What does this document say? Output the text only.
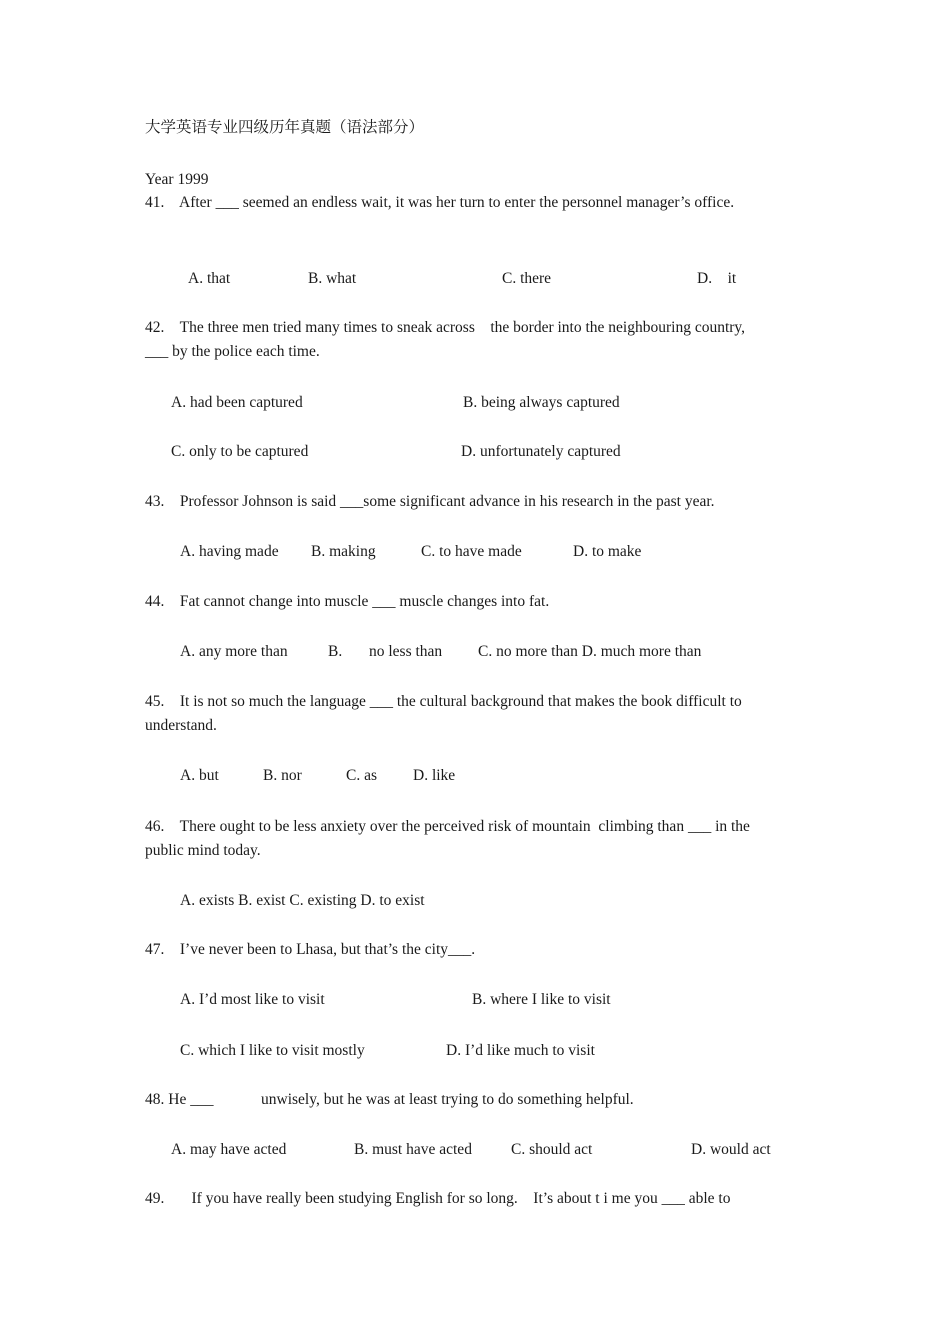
大学英语专业四级历年真题（语法部分）
Year 1999
41.    After ___ seemed an endless wait, it was her turn to enter the personnel manager’s office.
A. that	B. what	C. there	D.    it
42.    The three men tried many times to sneak across    the border into the neighbouring country,
___ by the police each time.
A. had been captured	B. being always captured
C. only to be captured	D. unfortunately captured
43.    Professor Johnson is said ___some significant advance in his research in the past year.
A. having made B. making	C. to have made	D. to make
44.    Fat cannot change into muscle ___ muscle changes into fat.
A. any more than	B. no less than C. no more than D. much more than
45.    It is not so much the language ___ the cultural background that makes the book difficult to
understand.
A. but	B. nor	C. as D. like
46.    There ought to be less anxiety over the perceived risk of mountain  climbing than ___ in the
public mind today.
A. exists B. exist C. existing D. to exist
47.    I’ve never been to Lhasa, but that’s the city___.
A. I’d most like to visit	B. where I like to visit
C. which I like to visit mostly	D. I’d like much to visit
48. He ___	unwisely, but he was at least trying to do something helpful.
A. may have acted	B. must have acted	C. should act	D. would act
49.       If you have really been studying English for so long.    It’s about t i me you ___ able to
